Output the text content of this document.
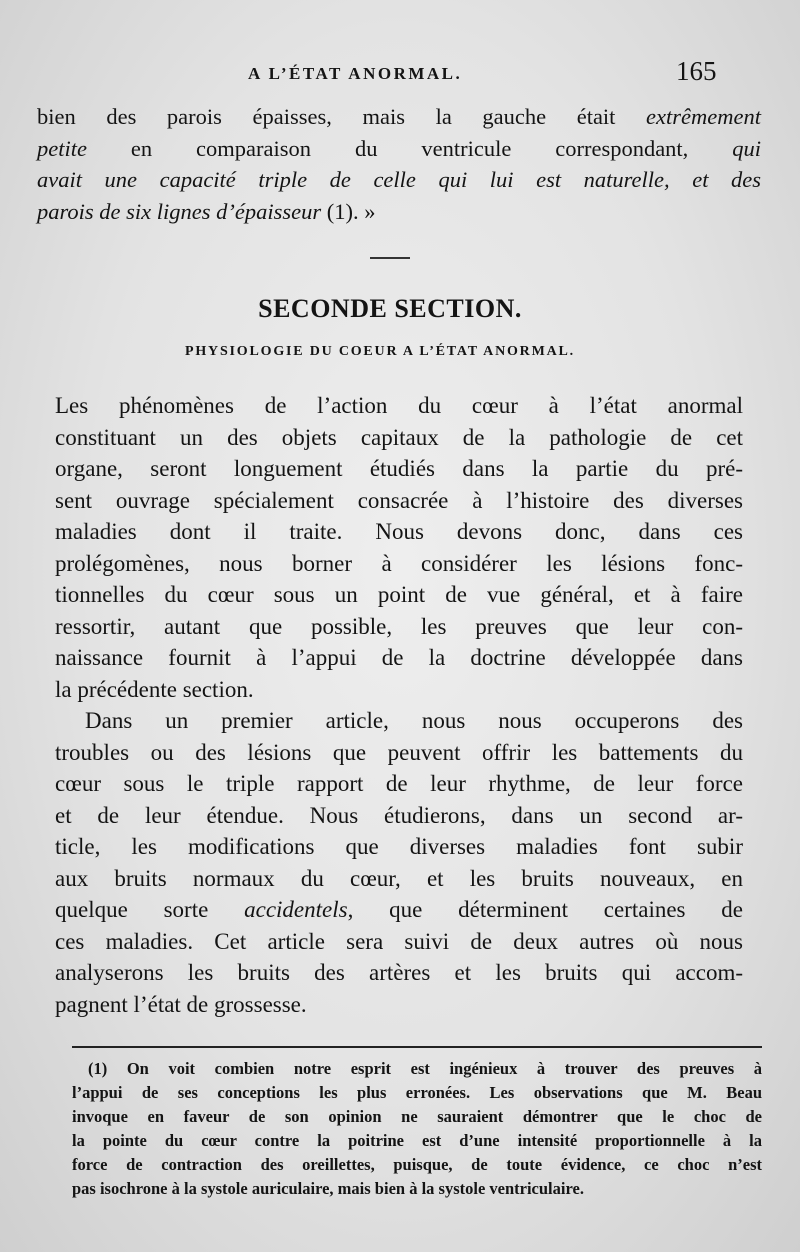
A L’ÉTAT ANORMAL.	165
bien des parois épaisses, mais la gauche était extrêmement
petite en comparaison du ventricule correspondant, qui
avait une capacité triple de celle qui lui est naturelle, et des
parois de six lignes d’épaisseur (1). »
SECONDE SECTION.
PHYSIOLOGIE DU COEUR A L’ÉTAT ANORMAL.
Les phénomènes de l’action du cœur à l’état anormal
constituant un des objets capitaux de la pathologie de cet
organe, seront longuement étudiés dans la partie du pré-
sent ouvrage spécialement consacrée à l’histoire des diverses
maladies dont il traite. Nous devons donc, dans ces
prolégomènes, nous borner à considérer les lésions fonc-
tionnelles du cœur sous un point de vue général, et à faire
ressortir, autant que possible, les preuves que leur con-
naissance fournit à l’appui de la doctrine développée dans
la précédente section.
Dans un premier article, nous nous occuperons des
troubles ou des lésions que peuvent offrir les battements du
cœur sous le triple rapport de leur rhythme, de leur force
et de leur étendue. Nous étudierons, dans un second ar-
ticle, les modifications que diverses maladies font subir
aux bruits normaux du cœur, et les bruits nouveaux, en
quelque sorte accidentels, que déterminent certaines de
ces maladies. Cet article sera suivi de deux autres où nous
analyserons les bruits des artères et les bruits qui accom-
pagnent l’état de grossesse.
(1) On voit combien notre esprit est ingénieux à trouver des preuves à
l’appui de ses conceptions les plus erronées. Les observations que M. Beau
invoque en faveur de son opinion ne sauraient démontrer que le choc de
la pointe du cœur contre la poitrine est d’une intensité proportionnelle à la
force de contraction des oreillettes, puisque, de toute évidence, ce choc n’est
pas isochrone à la systole auriculaire, mais bien à la systole ventriculaire.
